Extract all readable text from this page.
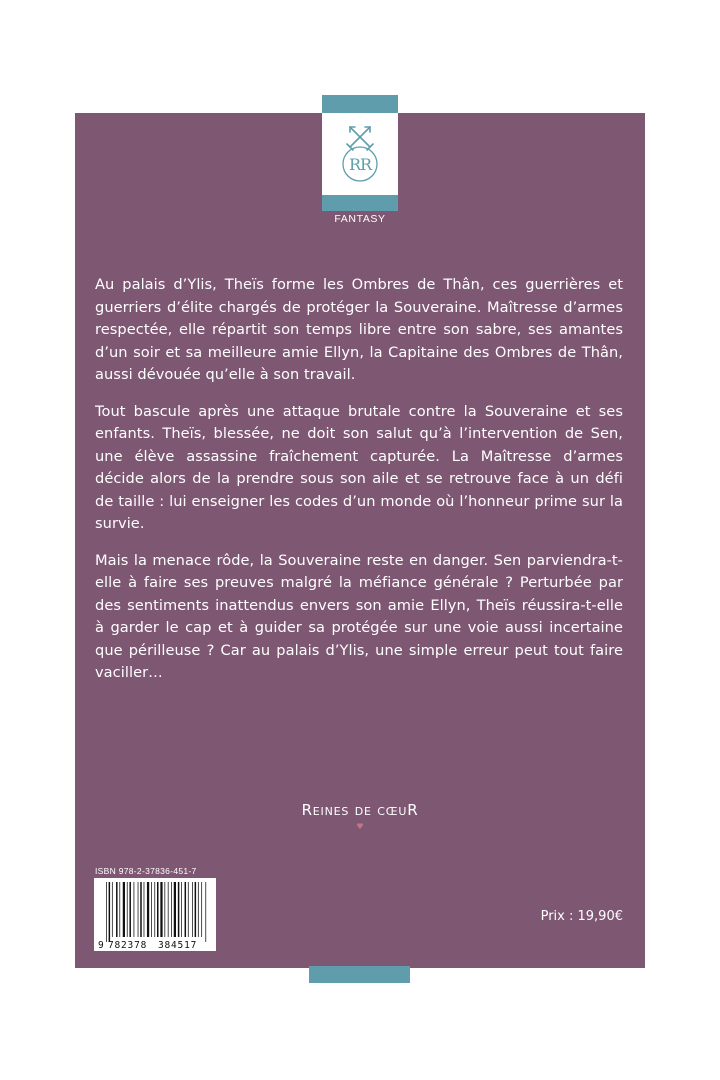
RR
FANTASY

Au palais d’Ylis, Theïs forme les Ombres de Thân, ces guerrières et guerriers d’élite chargés de protéger la Souveraine. Maîtresse d’armes respectée, elle répartit son temps libre entre son sabre, ses amantes d’un soir et sa meilleure amie Ellyn, la Capitaine des Ombres de Thân, aussi dévouée qu’elle à son travail.

Tout bascule après une attaque brutale contre la Souveraine et ses enfants. Theïs, blessée, ne doit son salut qu’à l’intervention de Sen, une élève assassine fraîchement capturée. La Maîtresse d’armes décide alors de la prendre sous son aile et se retrouve face à un défi de taille : lui enseigner les codes d’un monde où l’honneur prime sur la survie.

Mais la menace rôde, la Souveraine reste en danger. Sen parviendra-t-elle à faire ses preuves malgré la méfiance générale ? Perturbée par des sentiments inattendus envers son amie Ellyn, Theïs réussira-t-elle à garder le cap et à guider sa protégée sur une voie aussi incertaine que périlleuse ? Car au palais d’Ylis, une simple erreur peut tout faire vaciller…

Reines de cœuR
♥
ISBN 978-2-37836-451-7
9 782378 384517
Prix : 19,90€
